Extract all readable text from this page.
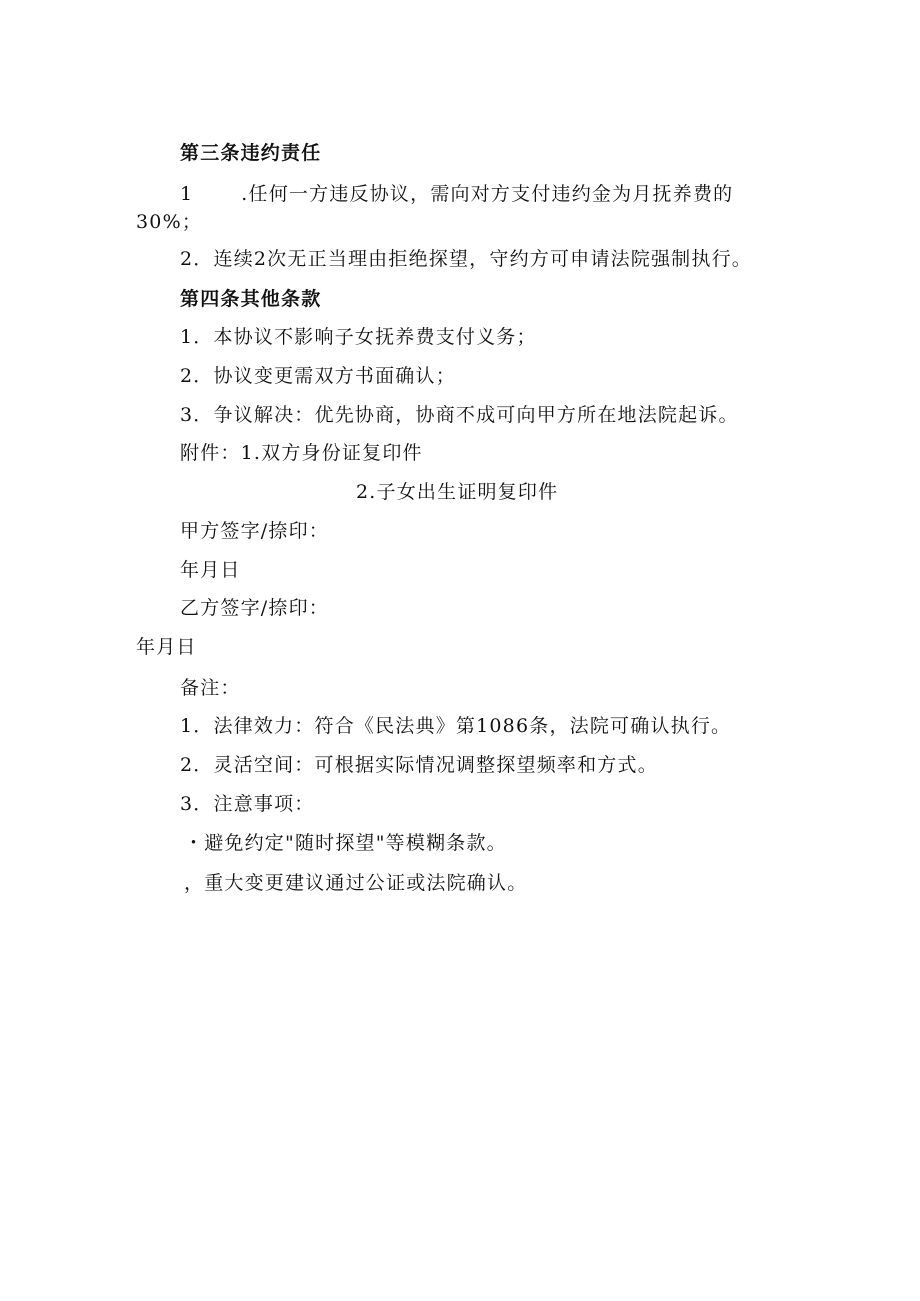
第三条违约责任
1	.任何一方违反协议，需向对方支付违约金为月抚养费的
30%；
2．连续2次无正当理由拒绝探望，守约方可申请法院强制执行。
第四条其他条款
1．本协议不影响子女抚养费支付义务；
2．协议变更需双方书面确认；
3．争议解决：优先协商，协商不成可向甲方所在地法院起诉。
附件：1.双方身份证复印件
2.子女出生证明复印件
甲方签字/捺印：
年月日
乙方签字/捺印：
年月日
备注：
1．法律效力：符合《民法典》第1086条，法院可确认执行。
2．灵活空间：可根据实际情况调整探望频率和方式。
3．注意事项：
・避免约定"随时探望"等模糊条款。
，重大变更建议通过公证或法院确认。
